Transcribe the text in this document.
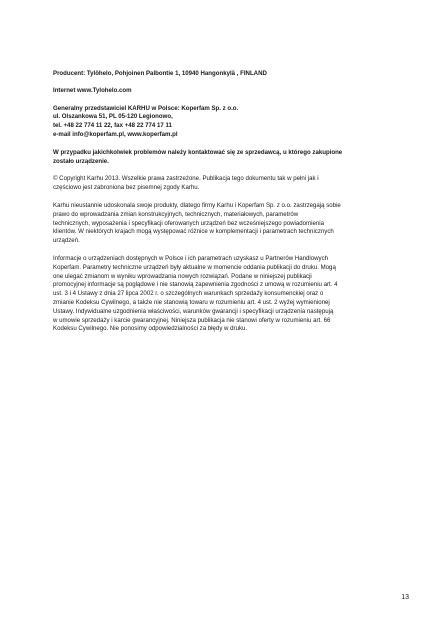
Producent: Tylöhelo, Pohjoinen Palbontie 1, 10940 Hangonkylä , FINLAND
Internet www.Tylohelo.com
Generalny przedstawiciel KARHU w Polsce: Koperfam Sp. z o.o.
ul. Olszankowa 51, PL 05-120 Legionowo,
tel. +48 22 774 11 22, fax +48 22 774 17 11
e-mail info@koperfam.pl, www.koperfam.pl
W przypadku jakichkolwiek problemów należy kontaktować się ze sprzedawcą, u którego zakupione
zostało urządzenie.
© Copyright Karhu 2013. Wszelkie prawa zastrzeżone. Publikacja tego dokumentu tak w pełni jak i
częściowo jest zabroniona bez pisemnej zgody Karhu.
Karhu nieustannie udoskonala swoje produkty, dlatego firmy Karhu i Koperfam Sp. z o.o. zastrzegają sobie
prawo do wprowadzania zmian konstrukcyjnych, technicznych, materiałowych, parametrów
technicznych, wyposażenia i specyfikacji oferowanych urządzeń bez wcześniejszego powiadomienia
klientów. W niektórych krajach mogą występować różnice w komplementacji i parametrach technicznych
urządzeń.
Informacje o urządzeniach dostępnych w Polsce i ich parametrach uzyskasz u Partnerów Handlowych
Koperfam. Parametry techniczne urządzeń były aktualne w momencie oddania publikacji do druku. Mogą
one ulegać zmianom w wyniku wprowadzania nowych rozwiązań. Podane w niniejszej publikacji
promocyjnej informacje są poglądowe i nie stanowią zapewnienia zgodności z umową w rozumieniu art. 4
ust. 3 i 4 Ustawy z dnia 27 lipca 2002 r. o szczególnych warunkach sprzedaży konsumenckiej oraz o
zmianie Kodeksu Cywilnego, a także nie stanowią towaru w rozumieniu art. 4 ust. 2 wyżej wymienionej
Ustawy. Indywidualne uzgodnienia właściwości, warunków gwarancji i specyfikacji urządzenia następują
w umowie sprzedaży i karcie gwarancyjnej. Niniejsza publikacja nie stanowi oferty w rozumieniu art. 66
Kodeksu Cywilnego. Nie ponosimy odpowiedzialności za błędy w druku.
13
